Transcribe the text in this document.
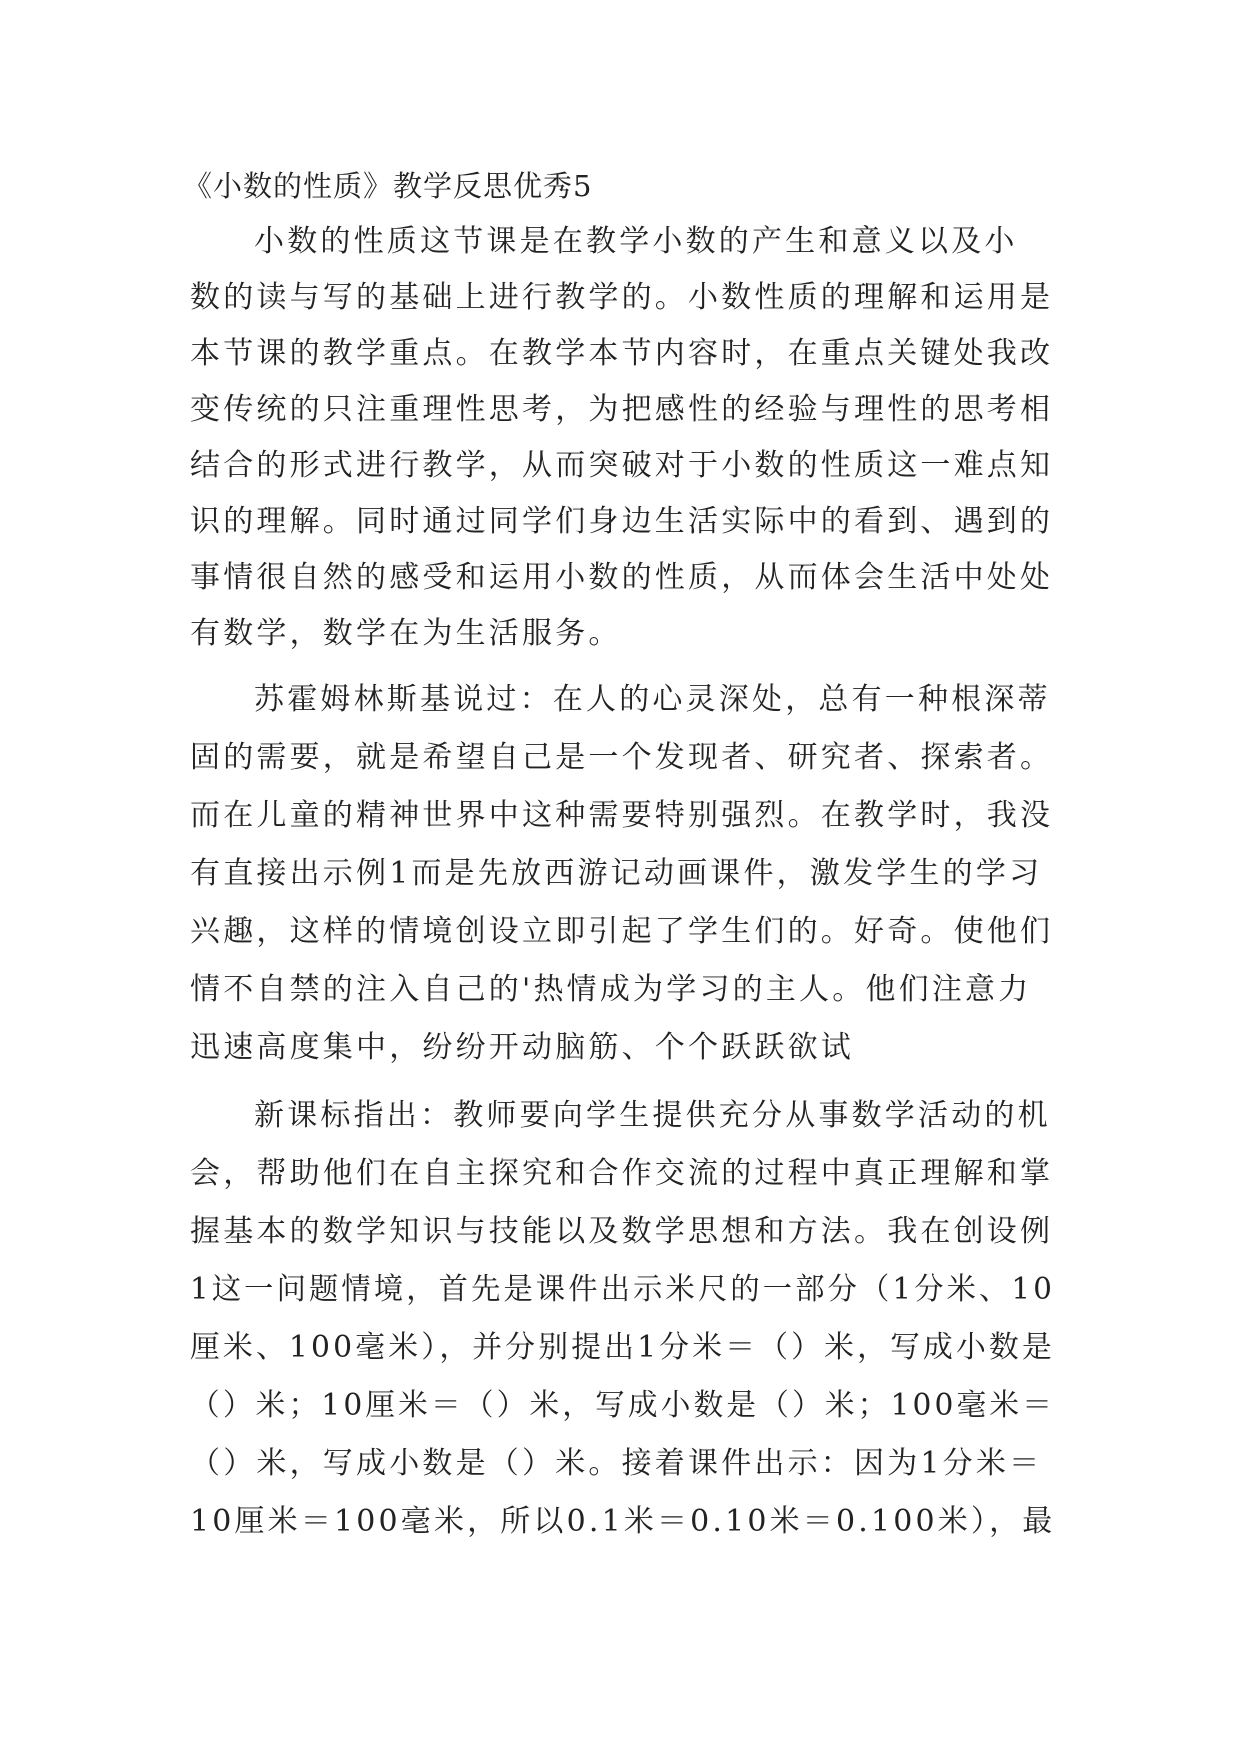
《小数的性质》教学反思优秀5
小数的性质这节课是在教学小数的产生和意义以及小
数的读与写的基础上进行教学的。小数性质的理解和运用是
本节课的教学重点。在教学本节内容时，在重点关键处我改
变传统的只注重理性思考，为把感性的经验与理性的思考相
结合的形式进行教学，从而突破对于小数的性质这一难点知
识的理解。同时通过同学们身边生活实际中的看到、遇到的
事情很自然的感受和运用小数的性质，从而体会生活中处处
有数学，数学在为生活服务。
苏霍姆林斯基说过：在人的心灵深处，总有一种根深蒂
固的需要，就是希望自己是一个发现者、研究者、探索者。
而在儿童的精神世界中这种需要特别强烈。在教学时，我没
有直接出示例1而是先放西游记动画课件，激发学生的学习
兴趣，这样的情境创设立即引起了学生们的。好奇。使他们
情不自禁的注入自己的'热情成为学习的主人。他们注意力
迅速高度集中，纷纷开动脑筋、个个跃跃欲试
新课标指出：教师要向学生提供充分从事数学活动的机
会，帮助他们在自主探究和合作交流的过程中真正理解和掌
握基本的数学知识与技能以及数学思想和方法。我在创设例
1这一问题情境，首先是课件出示米尺的一部分（1分米、10
厘米、100毫米），并分别提出1分米＝（）米，写成小数是
（）米；10厘米＝（）米，写成小数是（）米；100毫米＝
（）米，写成小数是（）米。接着课件出示：因为1分米＝
10厘米＝100毫米，所以0.1米＝0.10米＝0.100米），最
